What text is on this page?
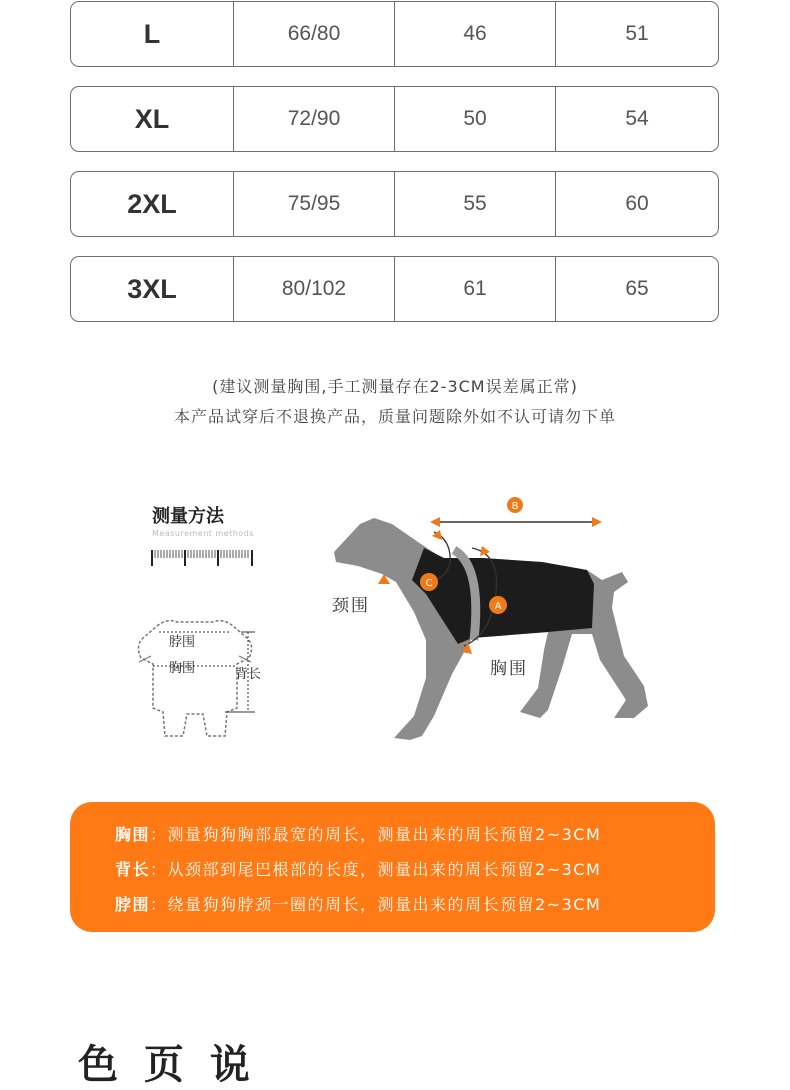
L	66/80	46	51
XL	72/90	50	54
2XL	75/95	55	60
3XL	80/102	61	65
(建议测量胸围,手工测量存在2-3CM误差属正常)
本产品试穿后不退换产品，质量问题除外如不认可请勿下单
测量方法
Measurement methods
脖围
胸围	背长
B
C
A
颈围
胸围
胸围：测量狗狗胸部最宽的周长，测量出来的周长预留2~3CM
背长：从颈部到尾巴根部的长度，测量出来的周长预留2~3CM
脖围：绕量狗狗脖颈一圈的周长，测量出来的周长预留2~3CM
色 页 说
